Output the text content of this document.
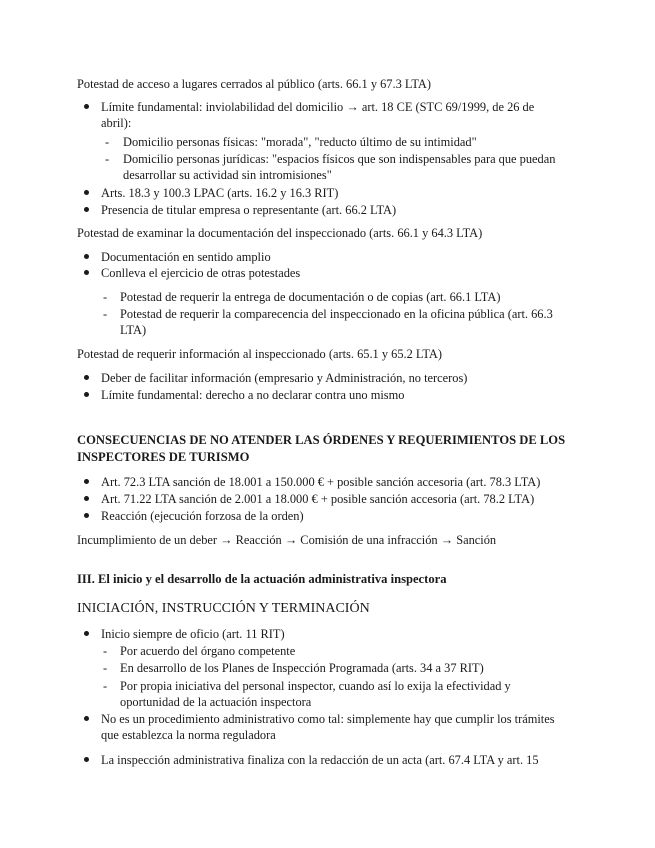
Potestad de acceso a lugares cerrados al público (arts. 66.1 y 67.3 LTA)
Límite fundamental: inviolabilidad del domicilio → art. 18 CE (STC 69/1999, de 26 de
abril):
- Domicilio personas físicas: "morada", "reducto último de su intimidad"
- Domicilio personas jurídicas: "espacios físicos que son indispensables para que puedan
desarrollar su actividad sin intromisiones"
Arts. 18.3 y 100.3 LPAC (arts. 16.2 y 16.3 RIT)
Presencia de titular empresa o representante (art. 66.2 LTA)
Potestad de examinar la documentación del inspeccionado (arts. 66.1 y 64.3 LTA)
Documentación en sentido amplio
Conlleva el ejercicio de otras potestades
- Potestad de requerir la entrega de documentación o de copias (art. 66.1 LTA)
- Potestad de requerir la comparecencia del inspeccionado en la oficina pública (art. 66.3
LTA)
Potestad de requerir información al inspeccionado (arts. 65.1 y 65.2 LTA)
Deber de facilitar información (empresario y Administración, no terceros)
Límite fundamental: derecho a no declarar contra uno mismo
CONSECUENCIAS DE NO ATENDER LAS ÓRDENES Y REQUERIMIENTOS DE LOS
INSPECTORES DE TURISMO
Art. 72.3 LTA sanción de 18.001 a 150.000 € + posible sanción accesoria (art. 78.3 LTA)
Art. 71.22 LTA sanción de 2.001 a 18.000 € + posible sanción accesoria (art. 78.2 LTA)
Reacción (ejecución forzosa de la orden)
Incumplimiento de un deber → Reacción → Comisión de una infracción → Sanción
III. El inicio y el desarrollo de la actuación administrativa inspectora
INICIACIÓN, INSTRUCCIÓN Y TERMINACIÓN
Inicio siempre de oficio (art. 11 RIT)
- Por acuerdo del órgano competente
- En desarrollo de los Planes de Inspección Programada (arts. 34 a 37 RIT)
- Por propia iniciativa del personal inspector, cuando así lo exija la efectividad y
oportunidad de la actuación inspectora
No es un procedimiento administrativo como tal: simplemente hay que cumplir los trámites
que establezca la norma reguladora
La inspección administrativa finaliza con la redacción de un acta (art. 67.4 LTA y art. 15
